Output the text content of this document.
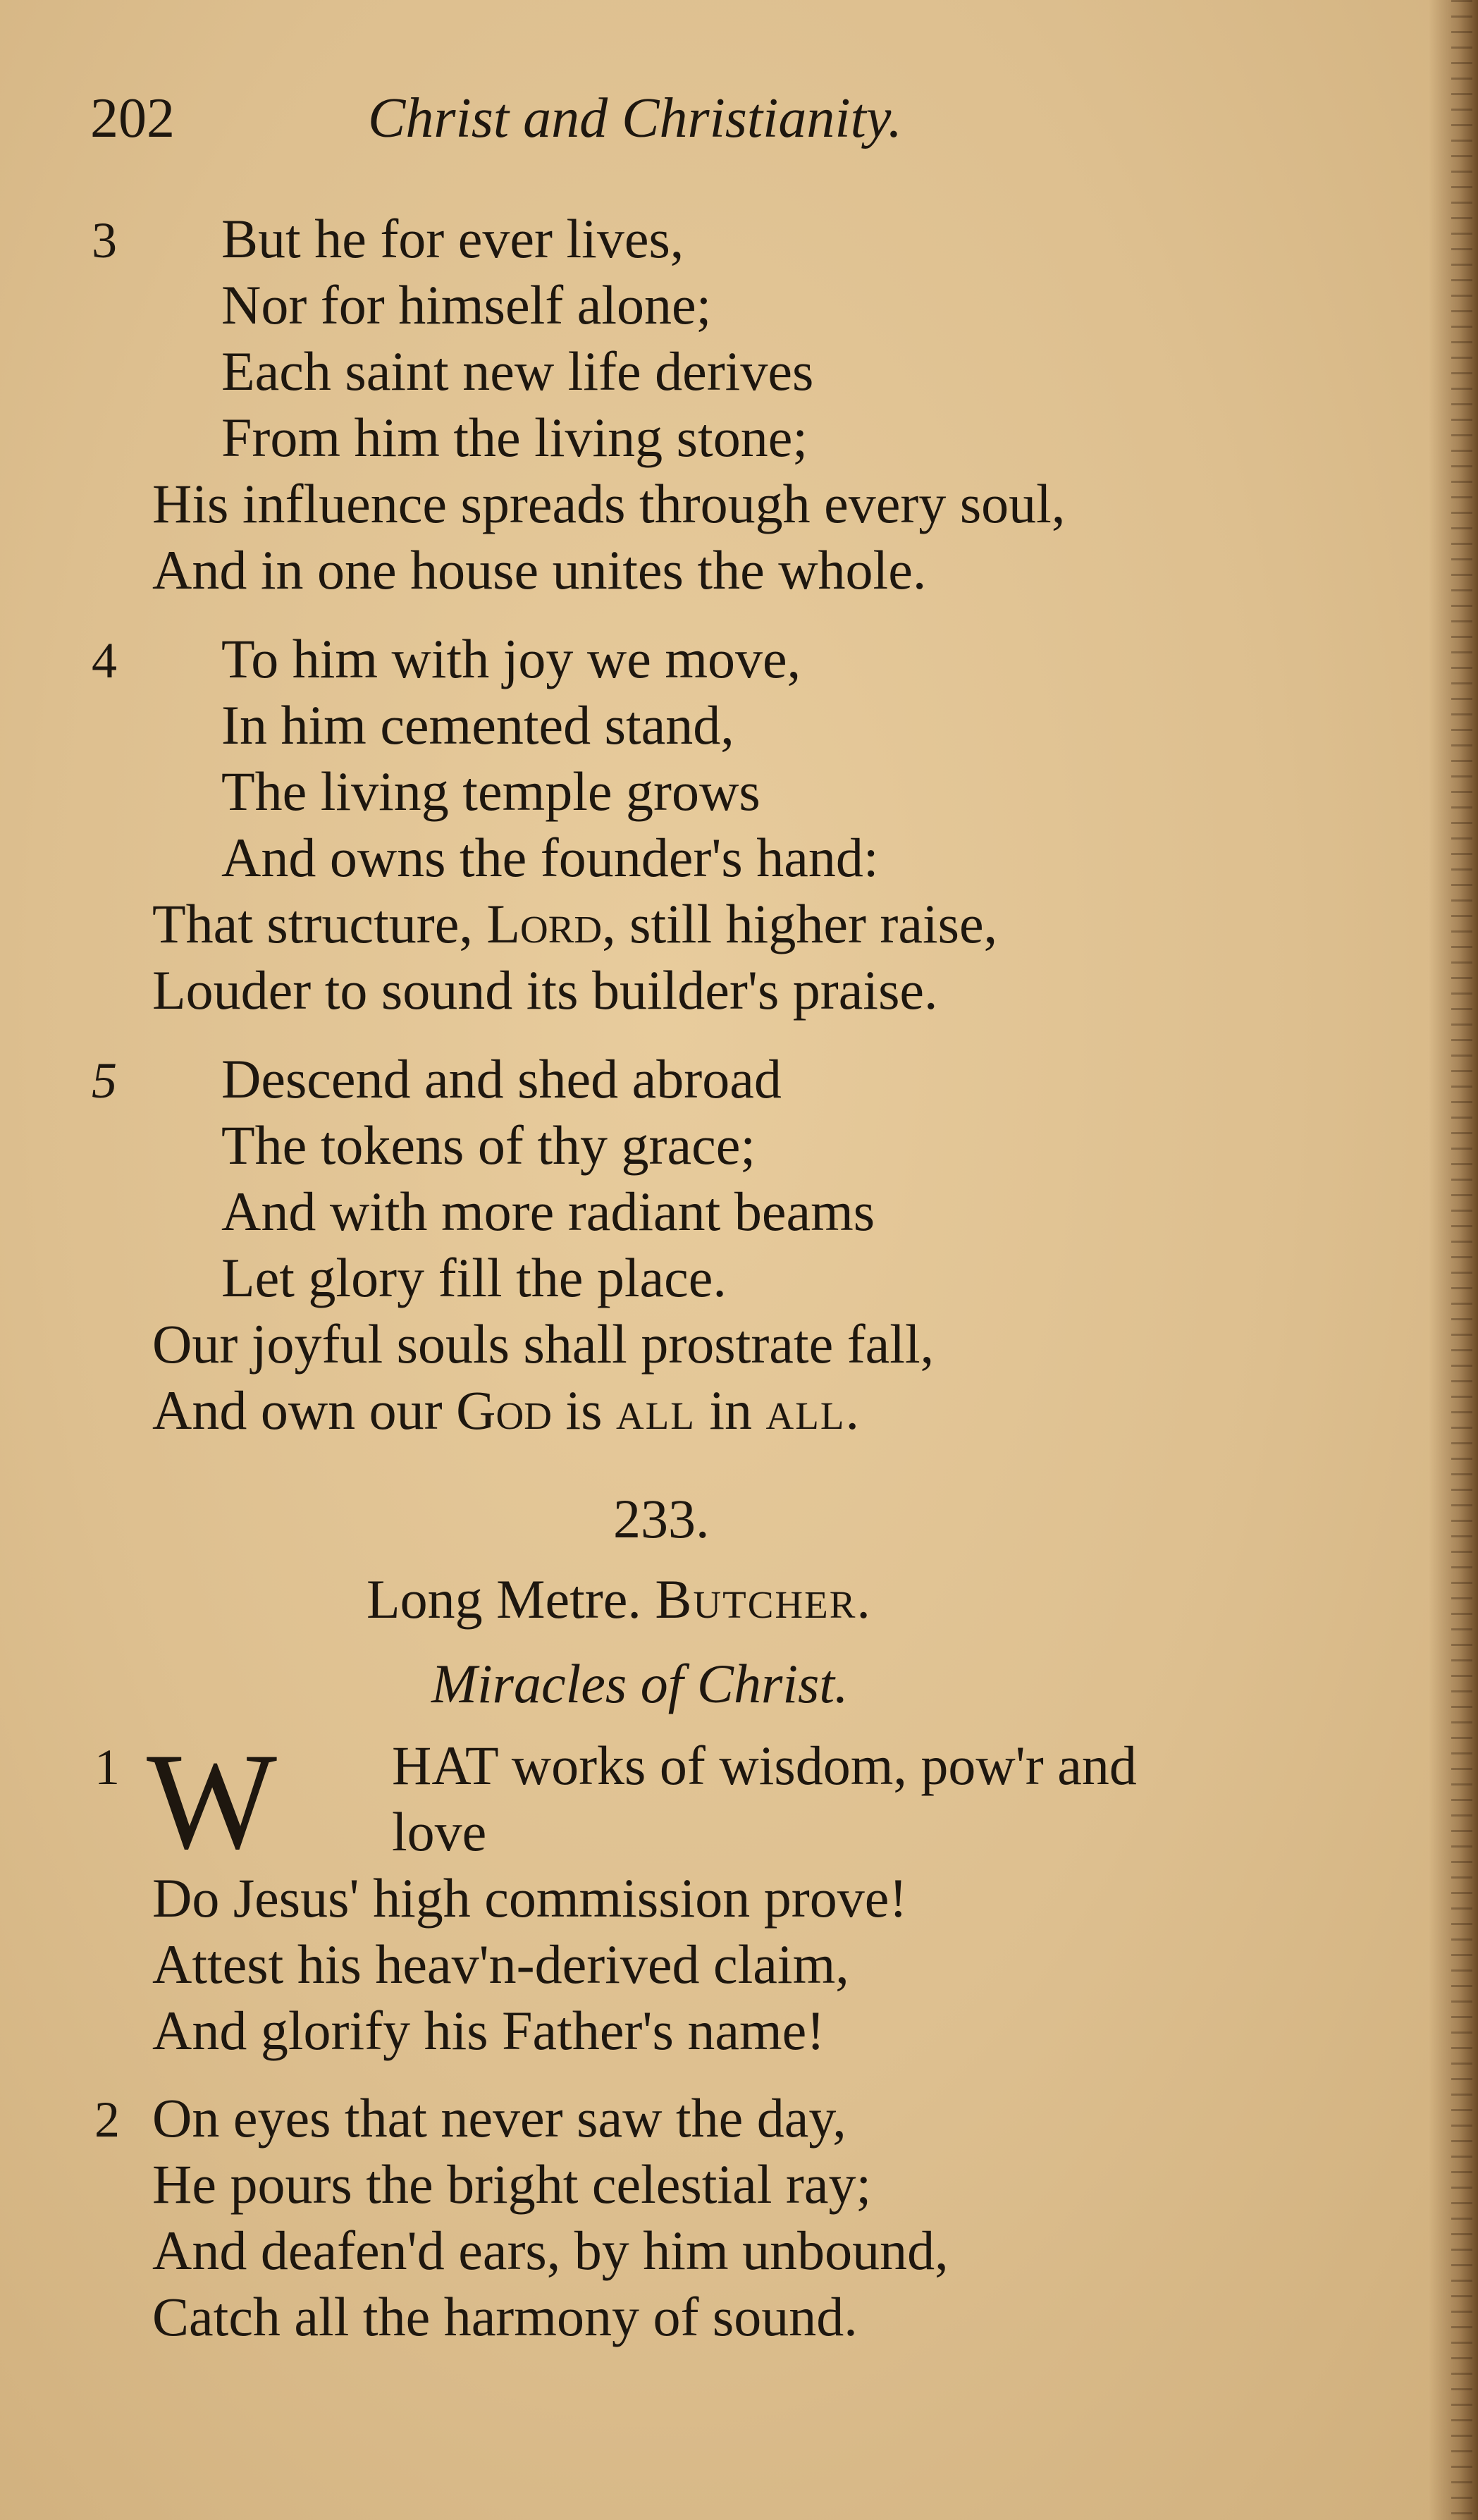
202	Christ and Christianity.
3 But he for ever lives,
Nor for himself alone;
Each saint new life derives
From him the living stone;
His influence spreads through every soul,
And in one house unites the whole.
4 To him with joy we move,
In him cemented stand,
The living temple grows
And owns the founder's hand:
That structure, Lord, still higher raise,
Louder to sound its builder's praise.
5 Descend and shed abroad
The tokens of thy grace;
And with more radiant beams
Let glory fill the place.
Our joyful souls shall prostrate fall,
And own our God is all in all.
233.
Long Metre. Butcher.
Miracles of Christ.
1 W HAT works of wisdom, pow'r and
love
Do Jesus' high commission prove!
Attest his heav'n-derived claim,
And glorify his Father's name!
2 On eyes that never saw the day,
He pours the bright celestial ray;
And deafen'd ears, by him unbound,
Catch all the harmony of sound.
